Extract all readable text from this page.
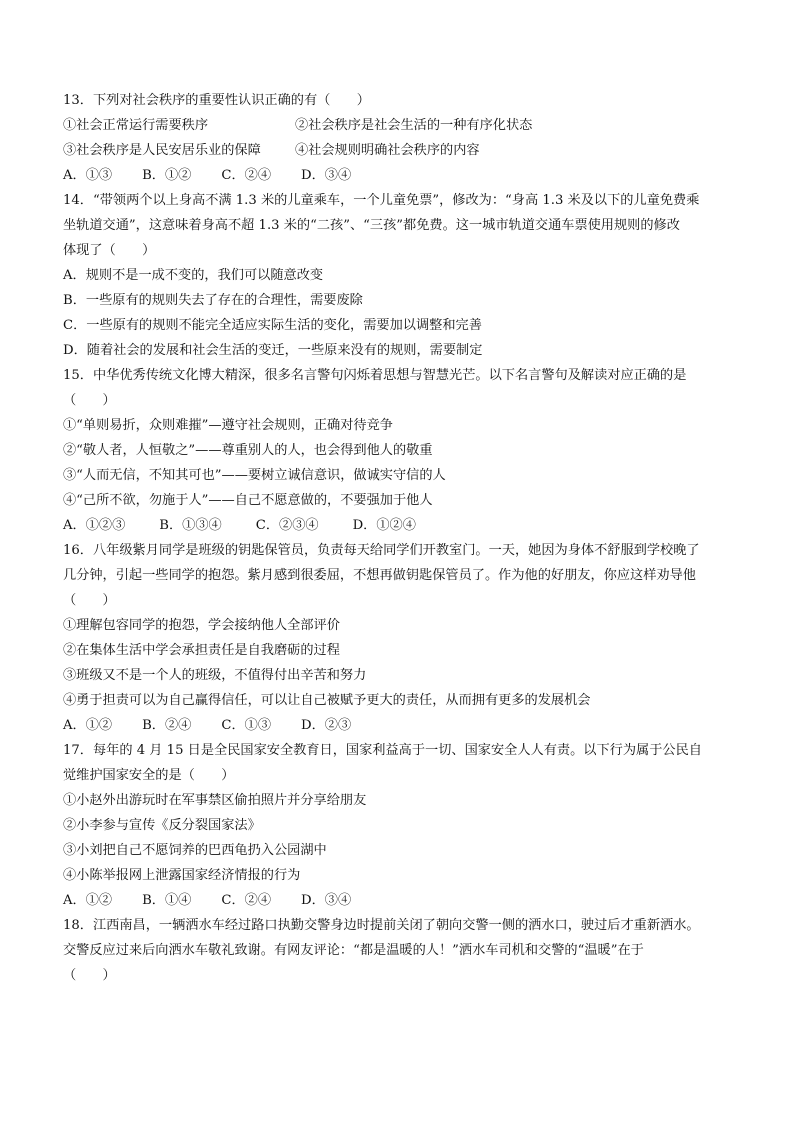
13．下列对社会秩序的重要性认识正确的有（　　）
①社会正常运行需要秩序	②社会秩序是社会生活的一种有序化状态
③社会秩序是人民安居乐业的保障	④社会规则明确社会秩序的内容
A．①③ B．①② C．②④ D．③④
14．“带领两个以上身高不满 1.3 米的儿童乘车，一个儿童免票”，修改为：“身高 1.3 米及以下的儿童免费乘
坐轨道交通”，这意味着身高不超 1.3 米的“二孩”、“三孩”都免费。这一城市轨道交通车票使用规则的修改
体现了（　　）
A．规则不是一成不变的，我们可以随意改变
B．一些原有的规则失去了存在的合理性，需要废除
C．一些原有的规则不能完全适应实际生活的变化，需要加以调整和完善
D．随着社会的发展和社会生活的变迁，一些原来没有的规则，需要制定
15．中华优秀传统文化博大精深，很多名言警句闪烁着思想与智慧光芒。以下名言警句及解读对应正确的是
（　　）
①“单则易折，众则难摧”—遵守社会规则，正确对待竞争
②“敬人者，人恒敬之”——尊重别人的人，也会得到他人的敬重
③“人而无信，不知其可也”——要树立诚信意识，做诚实守信的人
④“己所不欲，勿施于人”——自己不愿意做的，不要强加于他人
A．①②③	B．①③④	C．②③④	D．①②④
16．八年级紫月同学是班级的钥匙保管员，负责每天给同学们开教室门。一天，她因为身体不舒服到学校晚了
几分钟，引起一些同学的抱怨。紫月感到很委屈，不想再做钥匙保管员了。作为他的好朋友，你应这样劝导他
（　　）
①理解包容同学的抱怨，学会接纳他人全部评价
②在集体生活中学会承担责任是自我磨砺的过程
③班级又不是一个人的班级，不值得付出辛苦和努力
④勇于担责可以为自己赢得信任，可以让自己被赋予更大的责任，从而拥有更多的发展机会
A．①② B．②④ C．①③ D．②③
17．每年的 4 月 15 日是全民国家安全教育日，国家利益高于一切、国家安全人人有责。以下行为属于公民自
觉维护国家安全的是（　　）
①小赵外出游玩时在军事禁区偷拍照片并分享给朋友
②小李参与宣传《反分裂国家法》
③小刘把自己不愿饲养的巴西龟扔入公园湖中
④小陈举报网上泄露国家经济情报的行为
A．①② B．①④ C．②④ D．③④
18．江西南昌，一辆洒水车经过路口执勤交警身边时提前关闭了朝向交警一侧的洒水口，驶过后才重新洒水。
交警反应过来后向洒水车敬礼致谢。有网友评论：“都是温暖的人！”洒水车司机和交警的“温暖”在于
（　　）
